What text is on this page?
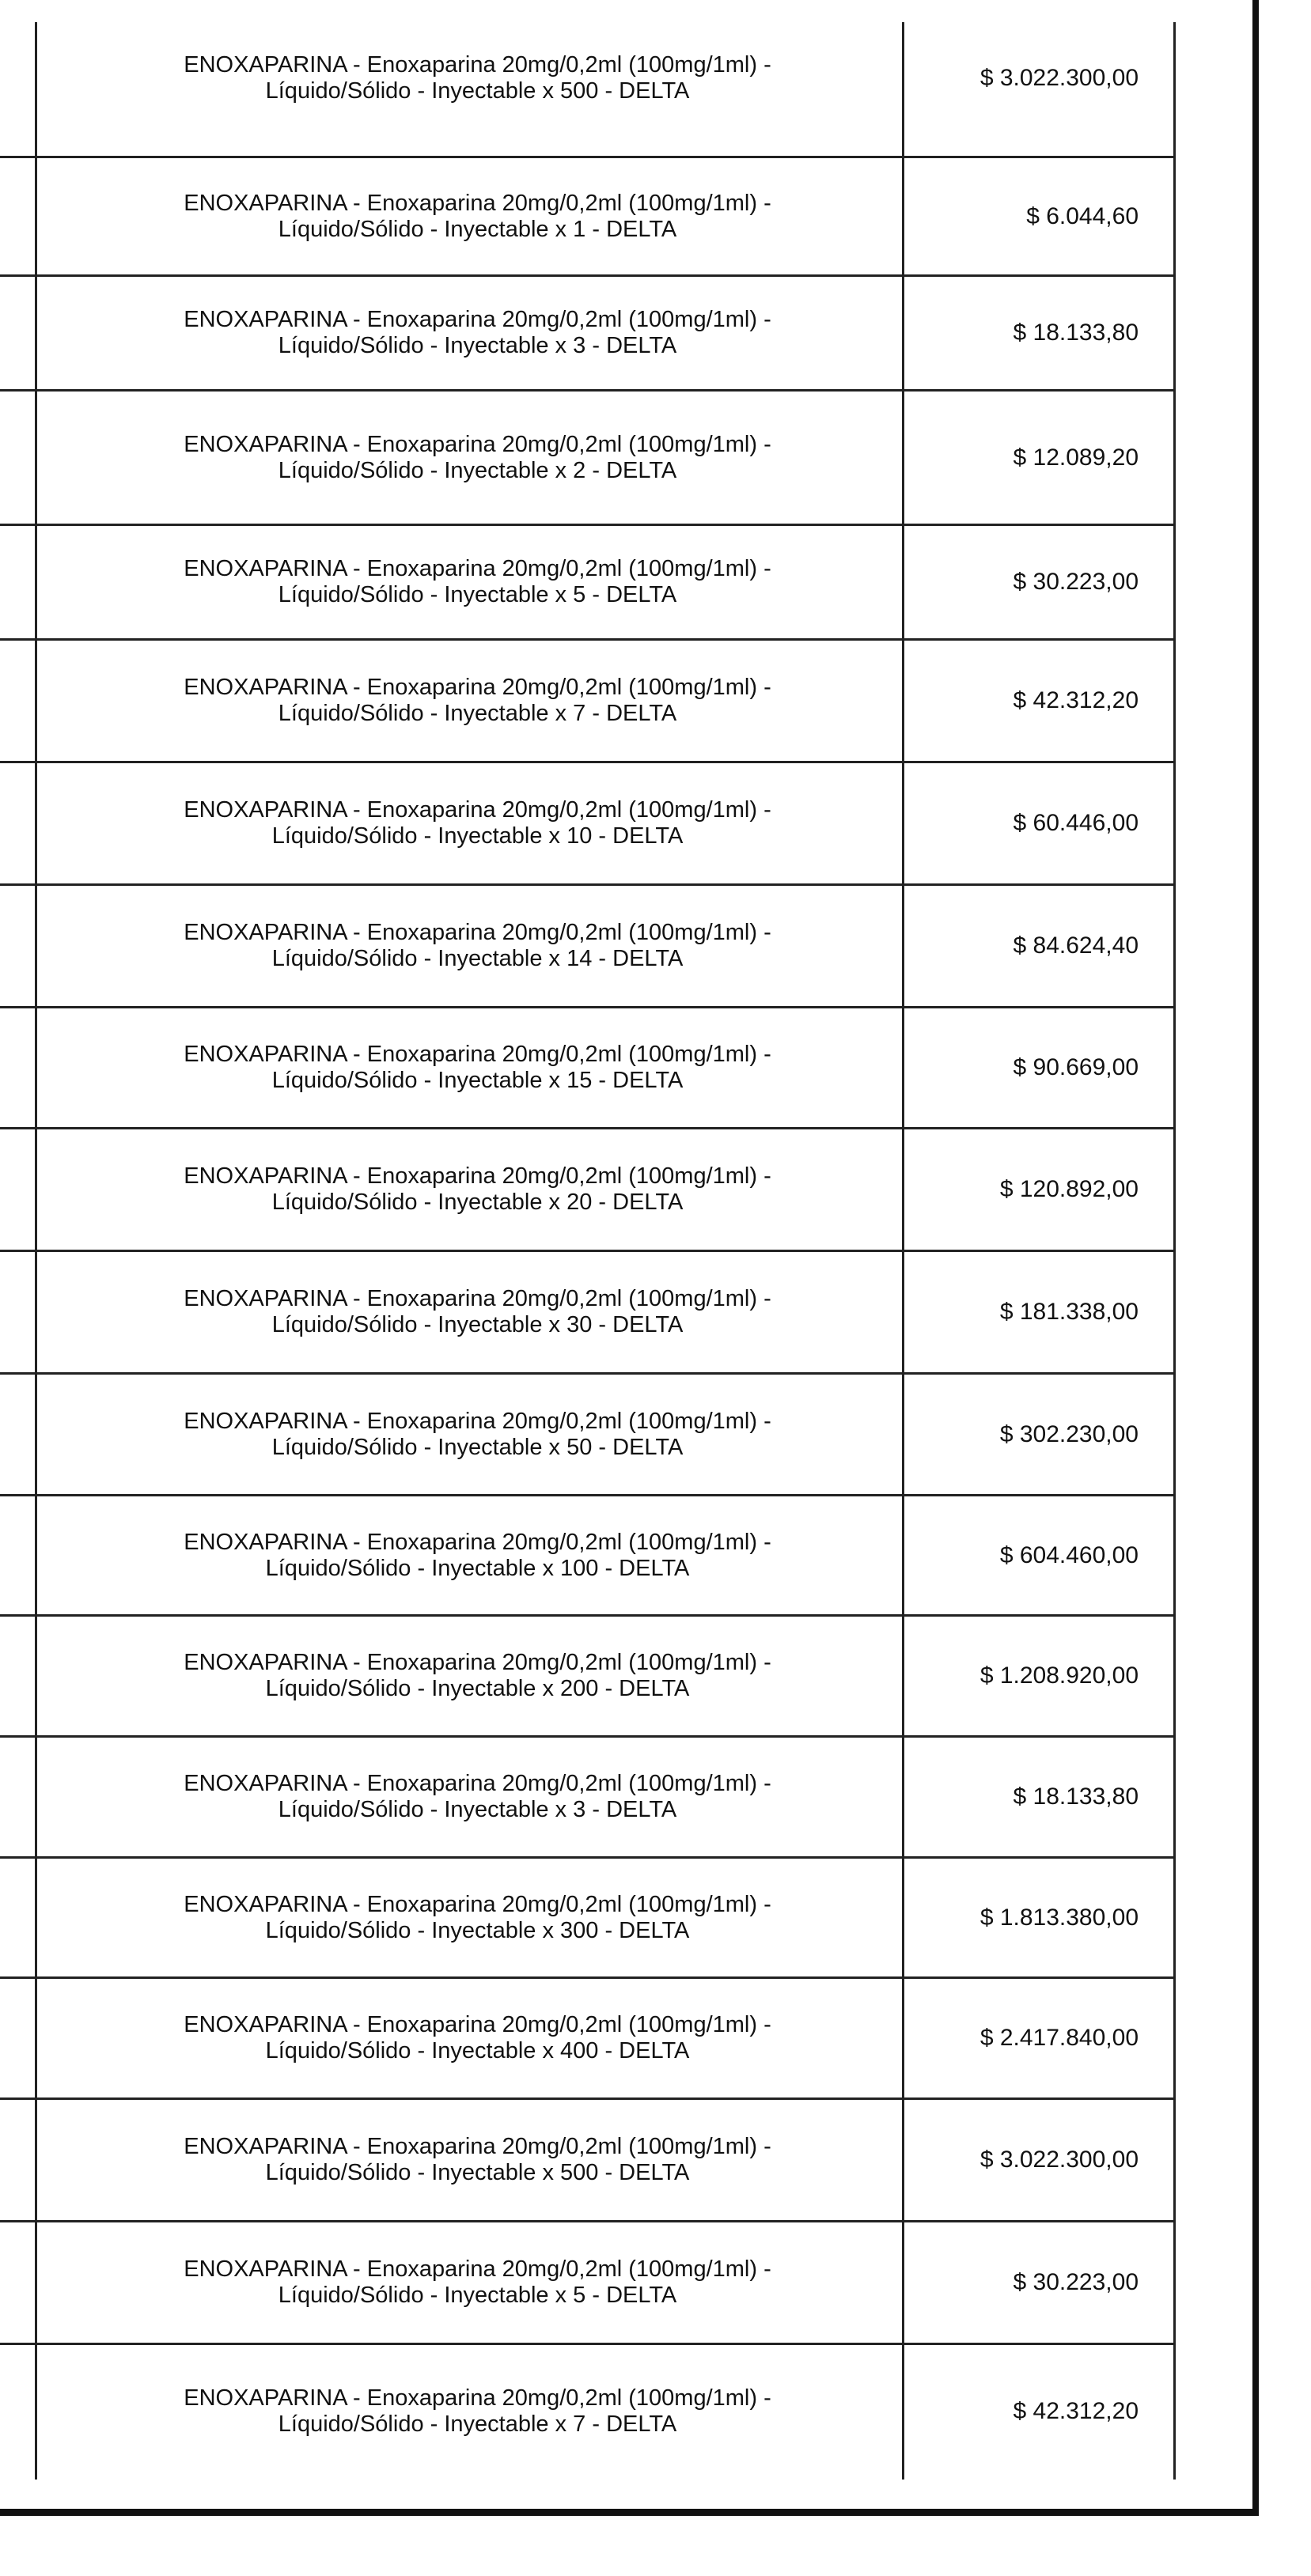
ENOXAPARINA - Enoxaparina 20mg/0,2ml (100mg/1ml) -
Líquido/Sólido - Inyectable x 500 - DELTA	$ 3.022.300,00
ENOXAPARINA - Enoxaparina 20mg/0,2ml (100mg/1ml) -
Líquido/Sólido - Inyectable x 1 - DELTA	$ 6.044,60
ENOXAPARINA - Enoxaparina 20mg/0,2ml (100mg/1ml) -
Líquido/Sólido - Inyectable x 3 - DELTA	$ 18.133,80
ENOXAPARINA - Enoxaparina 20mg/0,2ml (100mg/1ml) -
Líquido/Sólido - Inyectable x 2 - DELTA	$ 12.089,20
ENOXAPARINA - Enoxaparina 20mg/0,2ml (100mg/1ml) -
Líquido/Sólido - Inyectable x 5 - DELTA	$ 30.223,00
ENOXAPARINA - Enoxaparina 20mg/0,2ml (100mg/1ml) -
Líquido/Sólido - Inyectable x 7 - DELTA	$ 42.312,20
ENOXAPARINA - Enoxaparina 20mg/0,2ml (100mg/1ml) -
Líquido/Sólido - Inyectable x 10 - DELTA	$ 60.446,00
ENOXAPARINA - Enoxaparina 20mg/0,2ml (100mg/1ml) -
Líquido/Sólido - Inyectable x 14 - DELTA	$ 84.624,40
ENOXAPARINA - Enoxaparina 20mg/0,2ml (100mg/1ml) -
Líquido/Sólido - Inyectable x 15 - DELTA	$ 90.669,00
ENOXAPARINA - Enoxaparina 20mg/0,2ml (100mg/1ml) -
Líquido/Sólido - Inyectable x 20 - DELTA	$ 120.892,00
ENOXAPARINA - Enoxaparina 20mg/0,2ml (100mg/1ml) -
Líquido/Sólido - Inyectable x 30 - DELTA	$ 181.338,00
ENOXAPARINA - Enoxaparina 20mg/0,2ml (100mg/1ml) -
Líquido/Sólido - Inyectable x 50 - DELTA	$ 302.230,00
ENOXAPARINA - Enoxaparina 20mg/0,2ml (100mg/1ml) -
Líquido/Sólido - Inyectable x 100 - DELTA	$ 604.460,00
ENOXAPARINA - Enoxaparina 20mg/0,2ml (100mg/1ml) -
Líquido/Sólido - Inyectable x 200 - DELTA	$ 1.208.920,00
ENOXAPARINA - Enoxaparina 20mg/0,2ml (100mg/1ml) -
Líquido/Sólido - Inyectable x 3 - DELTA	$ 18.133,80
ENOXAPARINA - Enoxaparina 20mg/0,2ml (100mg/1ml) -
Líquido/Sólido - Inyectable x 300 - DELTA	$ 1.813.380,00
ENOXAPARINA - Enoxaparina 20mg/0,2ml (100mg/1ml) -
Líquido/Sólido - Inyectable x 400 - DELTA	$ 2.417.840,00
ENOXAPARINA - Enoxaparina 20mg/0,2ml (100mg/1ml) -
Líquido/Sólido - Inyectable x 500 - DELTA	$ 3.022.300,00
ENOXAPARINA - Enoxaparina 20mg/0,2ml (100mg/1ml) -
Líquido/Sólido - Inyectable x 5 - DELTA	$ 30.223,00
ENOXAPARINA - Enoxaparina 20mg/0,2ml (100mg/1ml) -
Líquido/Sólido - Inyectable x 7 - DELTA	$ 42.312,20
